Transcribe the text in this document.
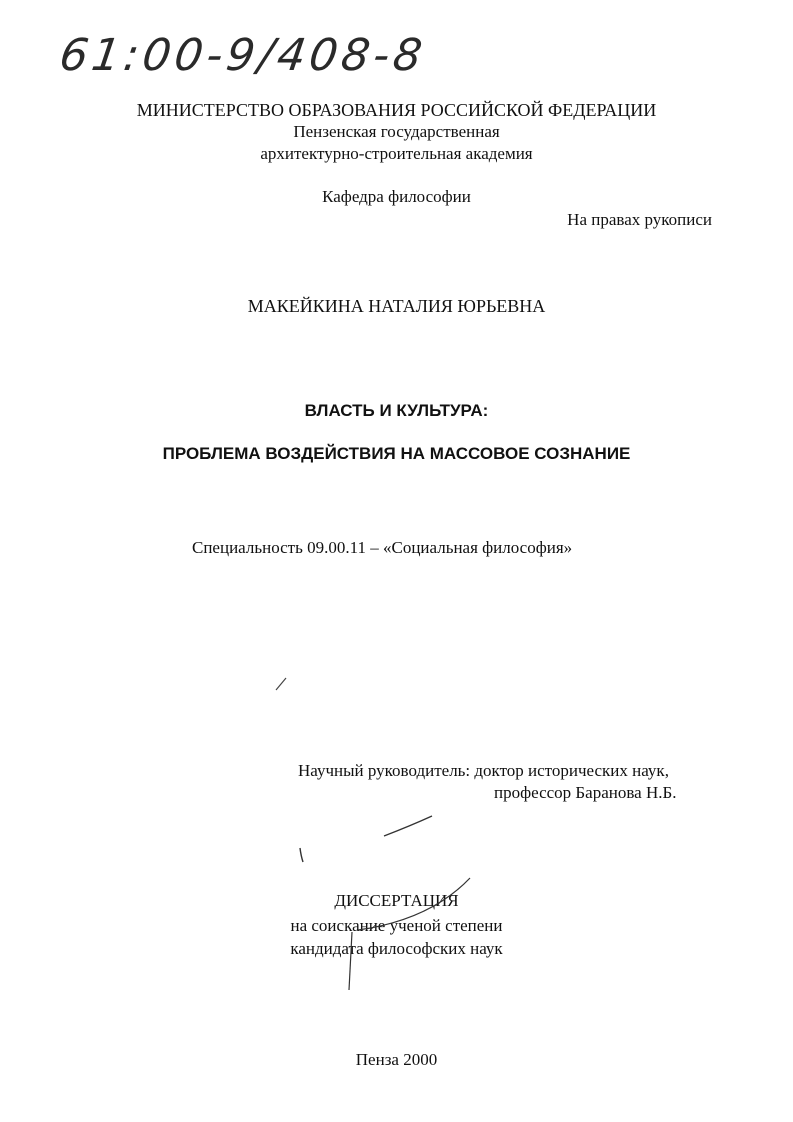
61:00-9/408-8
МИНИСТЕРСТВО ОБРАЗОВАНИЯ РОССИЙСКОЙ ФЕДЕРАЦИИ
Пензенская государственная
архитектурно-строительная академия
Кафедра философии
На правах рукописи
МАКЕЙКИНА НАТАЛИЯ ЮРЬЕВНА
ВЛАСТЬ И КУЛЬТУРА:
ПРОБЛЕМА ВОЗДЕЙСТВИЯ НА МАССОВОЕ СОЗНАНИЕ
Специальность 09.00.11 – «Социальная философия»
Научный руководитель: доктор исторических наук,
профессор Баранова Н.Б.
ДИССЕРТАЦИЯ
на соискание ученой степени
кандидата философских наук
Пенза 2000
